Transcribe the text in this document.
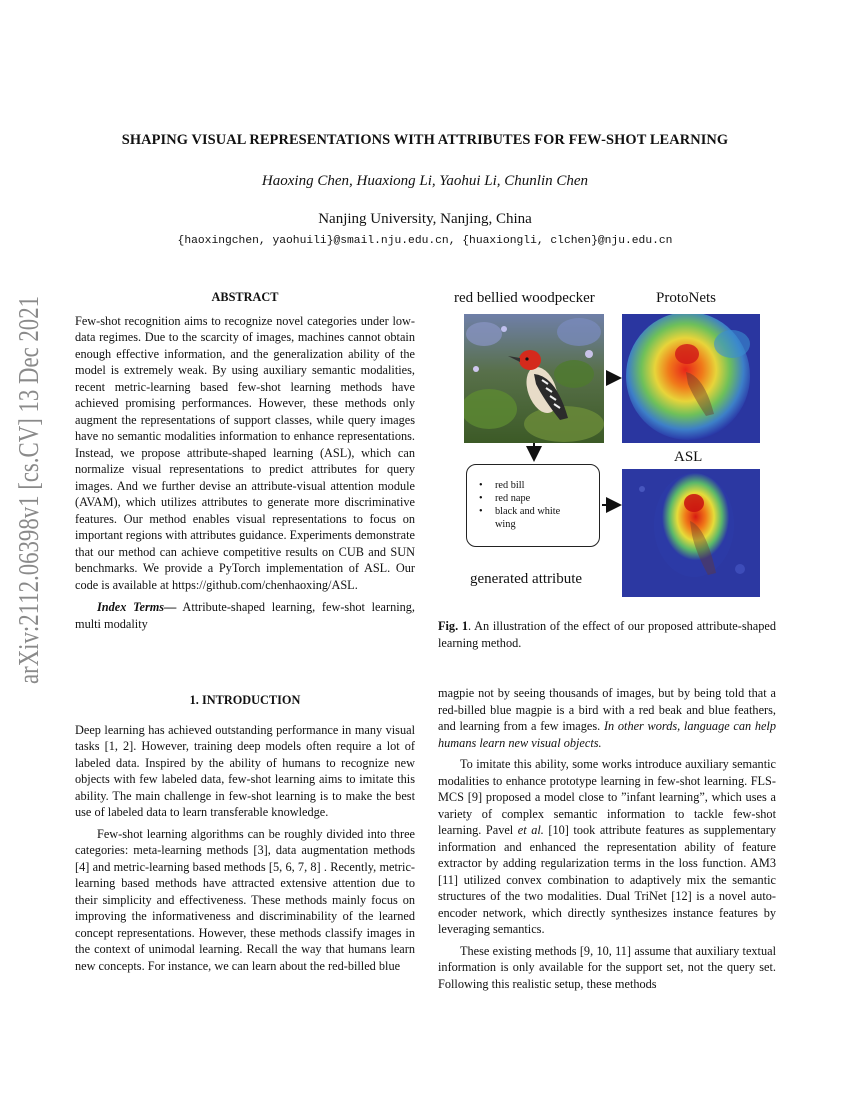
arXiv:2112.06398v1 [cs.CV] 13 Dec 2021
SHAPING VISUAL REPRESENTATIONS WITH ATTRIBUTES FOR FEW-SHOT LEARNING
Haoxing Chen, Huaxiong Li, Yaohui Li, Chunlin Chen
Nanjing University, Nanjing, China
{haoxingchen, yaohuili}@smail.nju.edu.cn, {huaxiongli, clchen}@nju.edu.cn

ABSTRACT

Few-shot recognition aims to recognize novel categories under low-data regimes. Due to the scarcity of images, machines cannot obtain enough effective information, and the generalization ability of the model is extremely weak. By using auxiliary semantic modalities, recent metric-learning based few-shot learning methods have achieved promising performances. However, these methods only augment the representations of support classes, while query images have no semantic modalities information to enhance representations. Instead, we propose attribute-shaped learning (ASL), which can normalize visual representations to predict attributes for query images. And we further devise an attribute-visual attention module (AVAM), which utilizes attributes to generate more discriminative features. Our method enables visual representations to focus on important regions with attributes guidance. Experiments demonstrate that our method can achieve competitive results on CUB and SUN benchmarks. We provide a PyTorch implementation of ASL. Our code is available at https://github.com/chenhaoxing/ASL.

Index Terms— Attribute-shaped learning, few-shot learning, multi modality

1. INTRODUCTION

Deep learning has achieved outstanding performance in many visual tasks [1, 2]. However, training deep models often require a lot of labeled data. Inspired by the ability of humans to recognize new objects with few labeled data, few-shot learning aims to imitate this ability. The main challenge in few-shot learning is to make the best use of labeled data to learn transferable knowledge.

Few-shot learning algorithms can be roughly divided into three categories: meta-learning methods [3], data augmentation methods [4] and metric-learning based methods [5, 6, 7, 8] . Recently, metric-learning based methods have attracted extensive attention due to their simplicity and effectiveness. These methods mainly focus on improving the informativeness and discriminability of the learned concept representations. However, these methods classify images in the context of unimodal learning. Recall the way that humans learn new concepts. For instance, we can learn about the red-billed blue

red bellied woodpecker	ProtoNets
ASL
generated attribute
• red bill
• red nape
• black and white wing
Fig. 1. An illustration of the effect of our proposed attribute-shaped learning method.

magpie not by seeing thousands of images, but by being told that a red-billed blue magpie is a bird with a red beak and blue feathers, and learning from a few images. In other words, language can help humans learn new visual objects.

To imitate this ability, some works introduce auxiliary semantic modalities to enhance prototype learning in few-shot learning. FLS-MCS [9] proposed a model close to ”infant learning”, which uses a variety of complex semantic information to tackle few-shot learning. Pavel et al. [10] took attribute features as supplementary information and enhanced the representation ability of feature extractor by adding regularization terms in the loss function. AM3 [11] utilized convex combination to adaptively mix the semantic structures of the two modalities. Dual TriNet [12] is a novel auto-encoder network, which directly synthesizes instance features by leveraging semantics.

These existing methods [9, 10, 11] assume that auxiliary textual information is only available for the support set, not the query set. Following this realistic setup, these methods
